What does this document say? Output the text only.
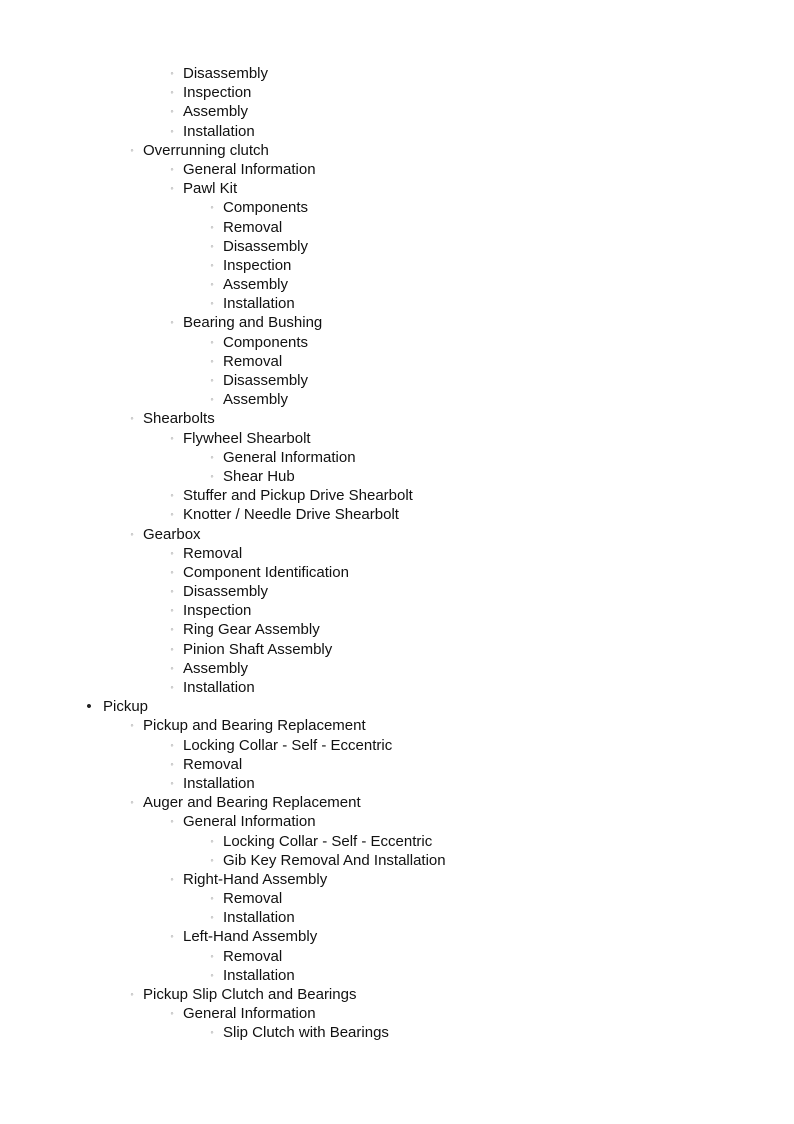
◦ Disassembly
◦ Inspection
◦ Assembly
◦ Installation
◦ Overrunning clutch
◦ General Information
◦ Pawl Kit
◦ Components
◦ Removal
◦ Disassembly
◦ Inspection
◦ Assembly
◦ Installation
◦ Bearing and Bushing
◦ Components
◦ Removal
◦ Disassembly
◦ Assembly
◦ Shearbolts
◦ Flywheel Shearbolt
◦ General Information
◦ Shear Hub
◦ Stuffer and Pickup Drive Shearbolt
◦ Knotter / Needle Drive Shearbolt
◦ Gearbox
◦ Removal
◦ Component Identification
◦ Disassembly
◦ Inspection
◦ Ring Gear Assembly
◦ Pinion Shaft Assembly
◦ Assembly
◦ Installation
• Pickup
◦ Pickup and Bearing Replacement
◦ Locking Collar - Self - Eccentric
◦ Removal
◦ Installation
◦ Auger and Bearing Replacement
◦ General Information
◦ Locking Collar - Self - Eccentric
◦ Gib Key Removal And Installation
◦ Right-Hand Assembly
◦ Removal
◦ Installation
◦ Left-Hand Assembly
◦ Removal
◦ Installation
◦ Pickup Slip Clutch and Bearings
◦ General Information
◦ Slip Clutch with Bearings
